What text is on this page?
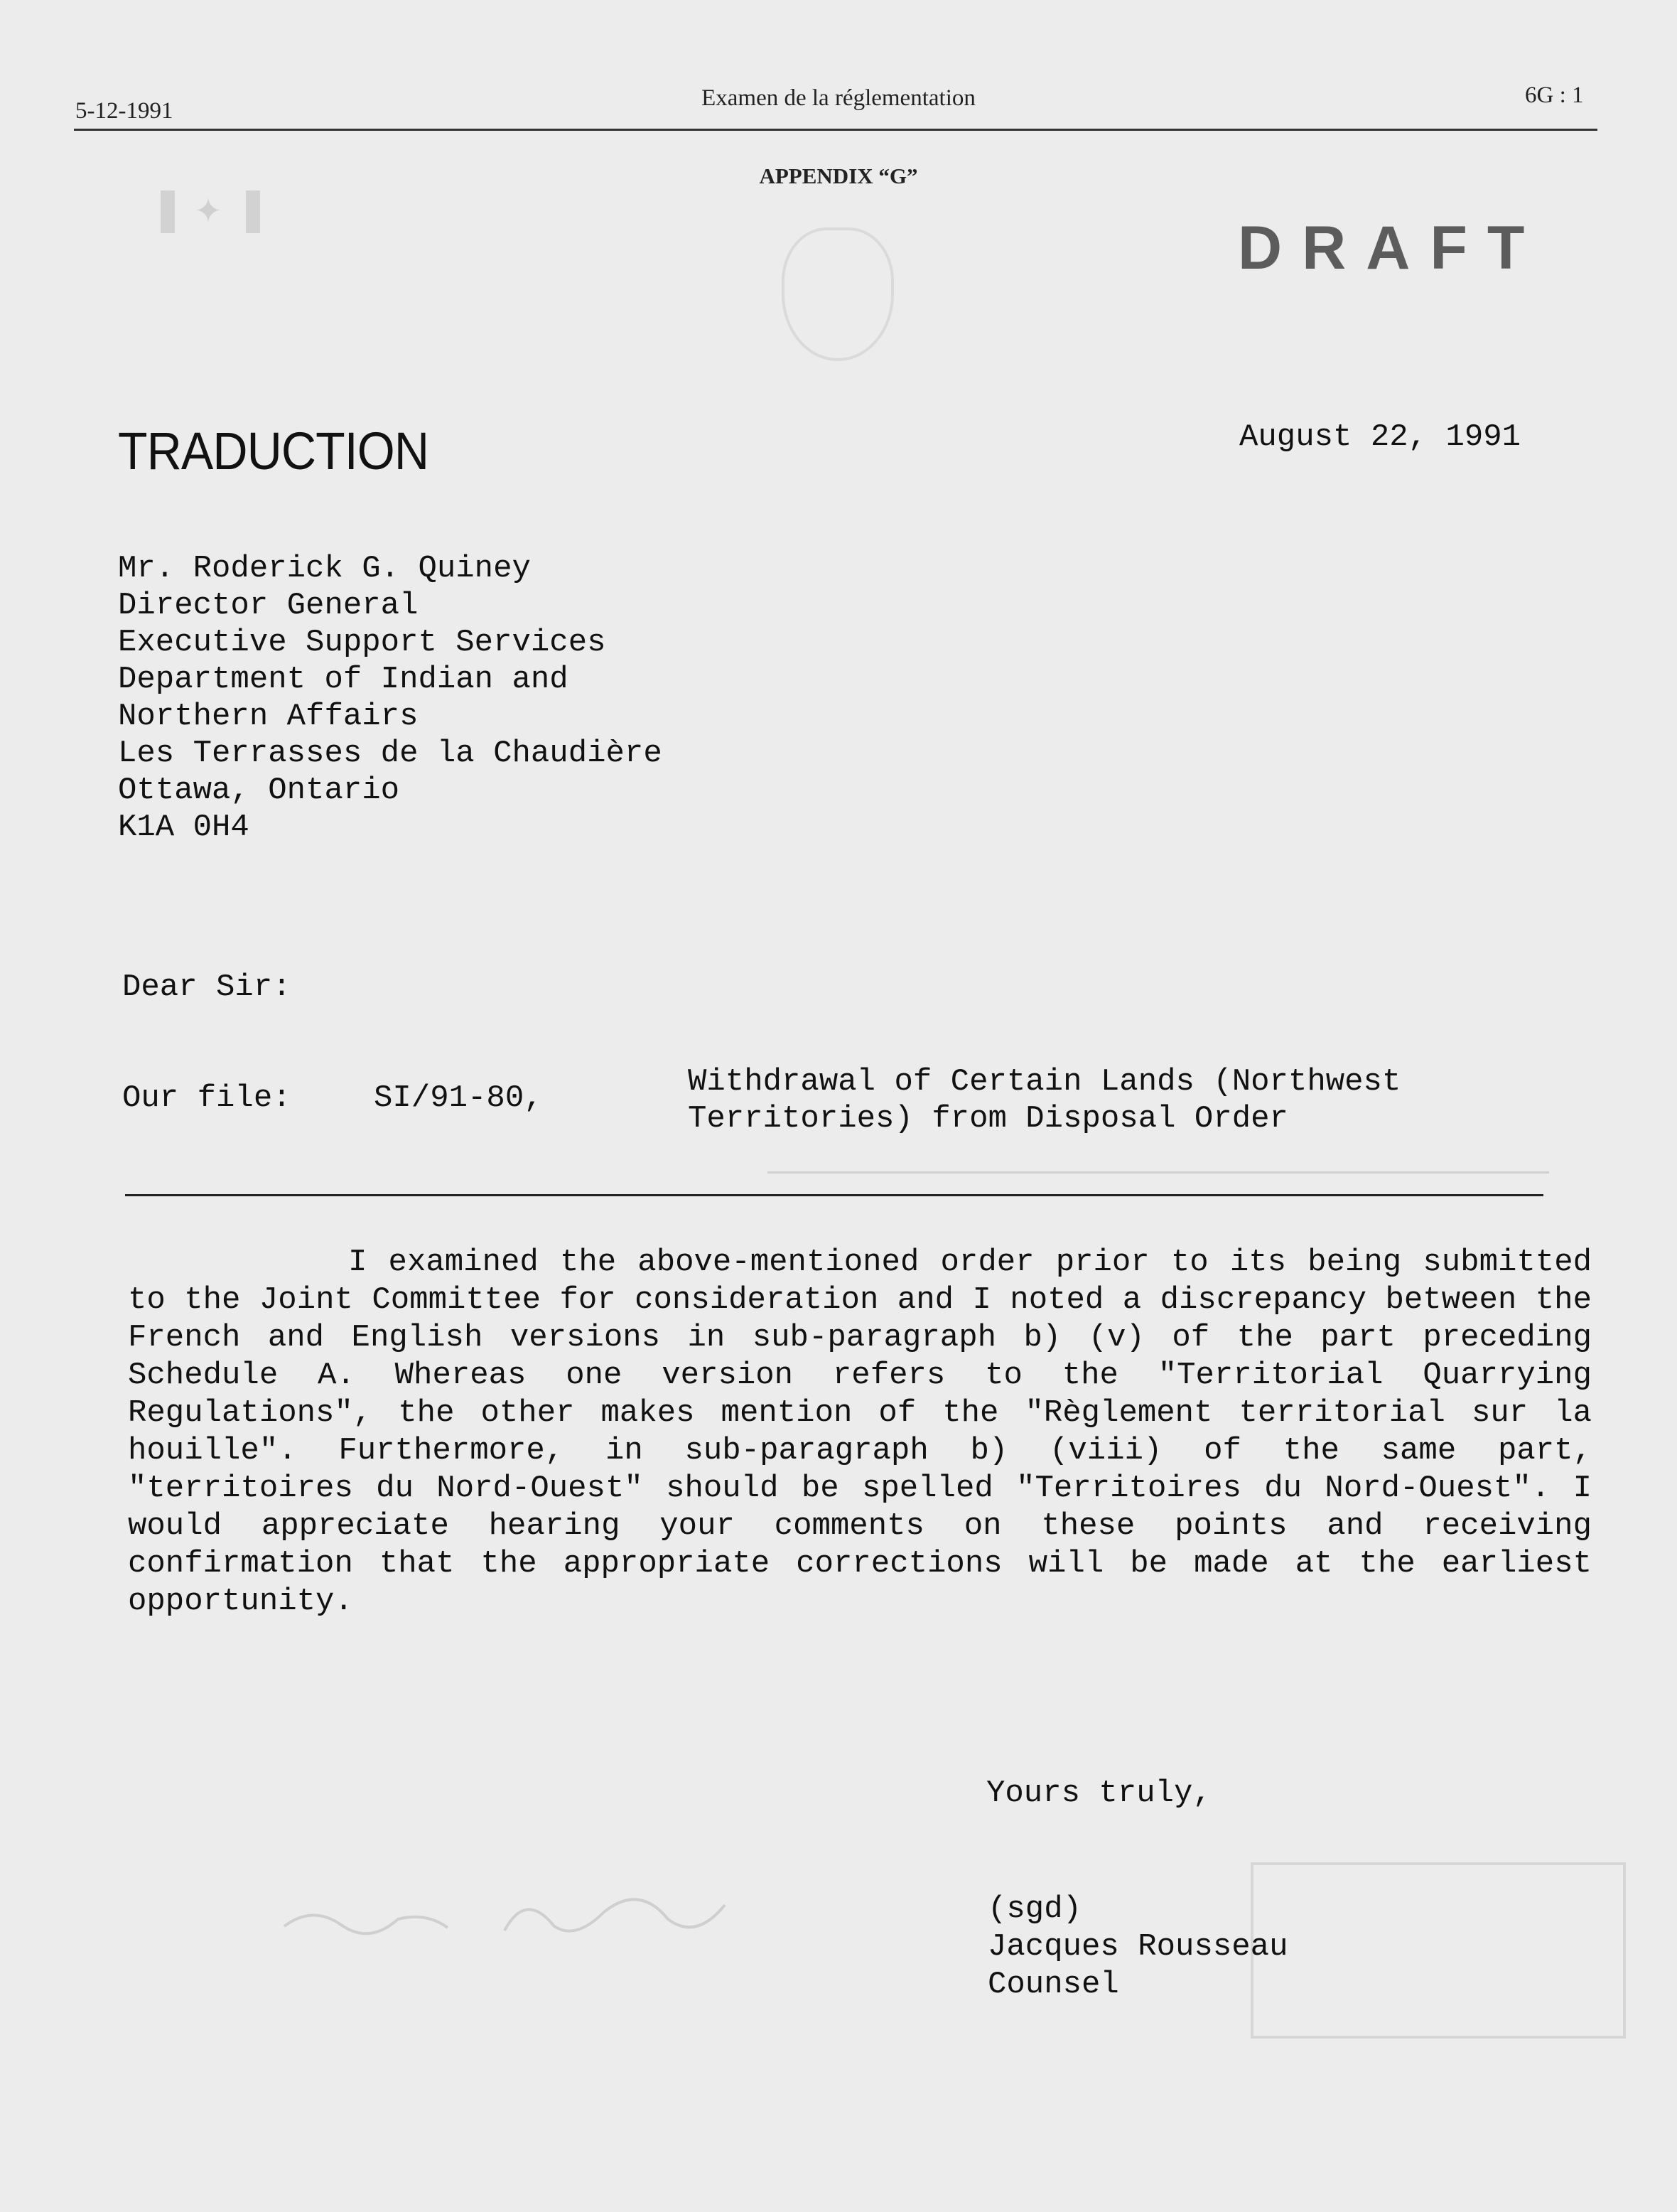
✦
5-12-1991	Examen de la réglementation	6G : 1
APPENDIX “G”
DRAFT
TRADUCTION	August 22, 1991
Mr. Roderick G. Quiney
Director General
Executive Support Services
Department of Indian and
Northern Affairs
Les Terrasses de la Chaudière
Ottawa, Ontario
K1A 0H4
Dear Sir:
Our file:	SI/91-80,	Withdrawal of Certain Lands (Northwest
Territories) from Disposal Order

I examined the above-mentioned order prior to its being submitted to the Joint Committee for consideration and I noted a discrepancy between the French and English versions in sub-paragraph b) (v) of the part preceding Schedule A. Whereas one version refers to the "Territorial Quarrying Regulations", the other makes mention of the "Règlement territorial sur la houille". Furthermore, in sub-paragraph b) (viii) of the same part, "territoires du Nord-Ouest" should be spelled "Territoires du Nord-Ouest". I would appreciate hearing your comments on these points and receiving confirmation that the appropriate corrections will be made at the earliest opportunity.

Yours truly,
(sgd)
Jacques Rousseau
Counsel
